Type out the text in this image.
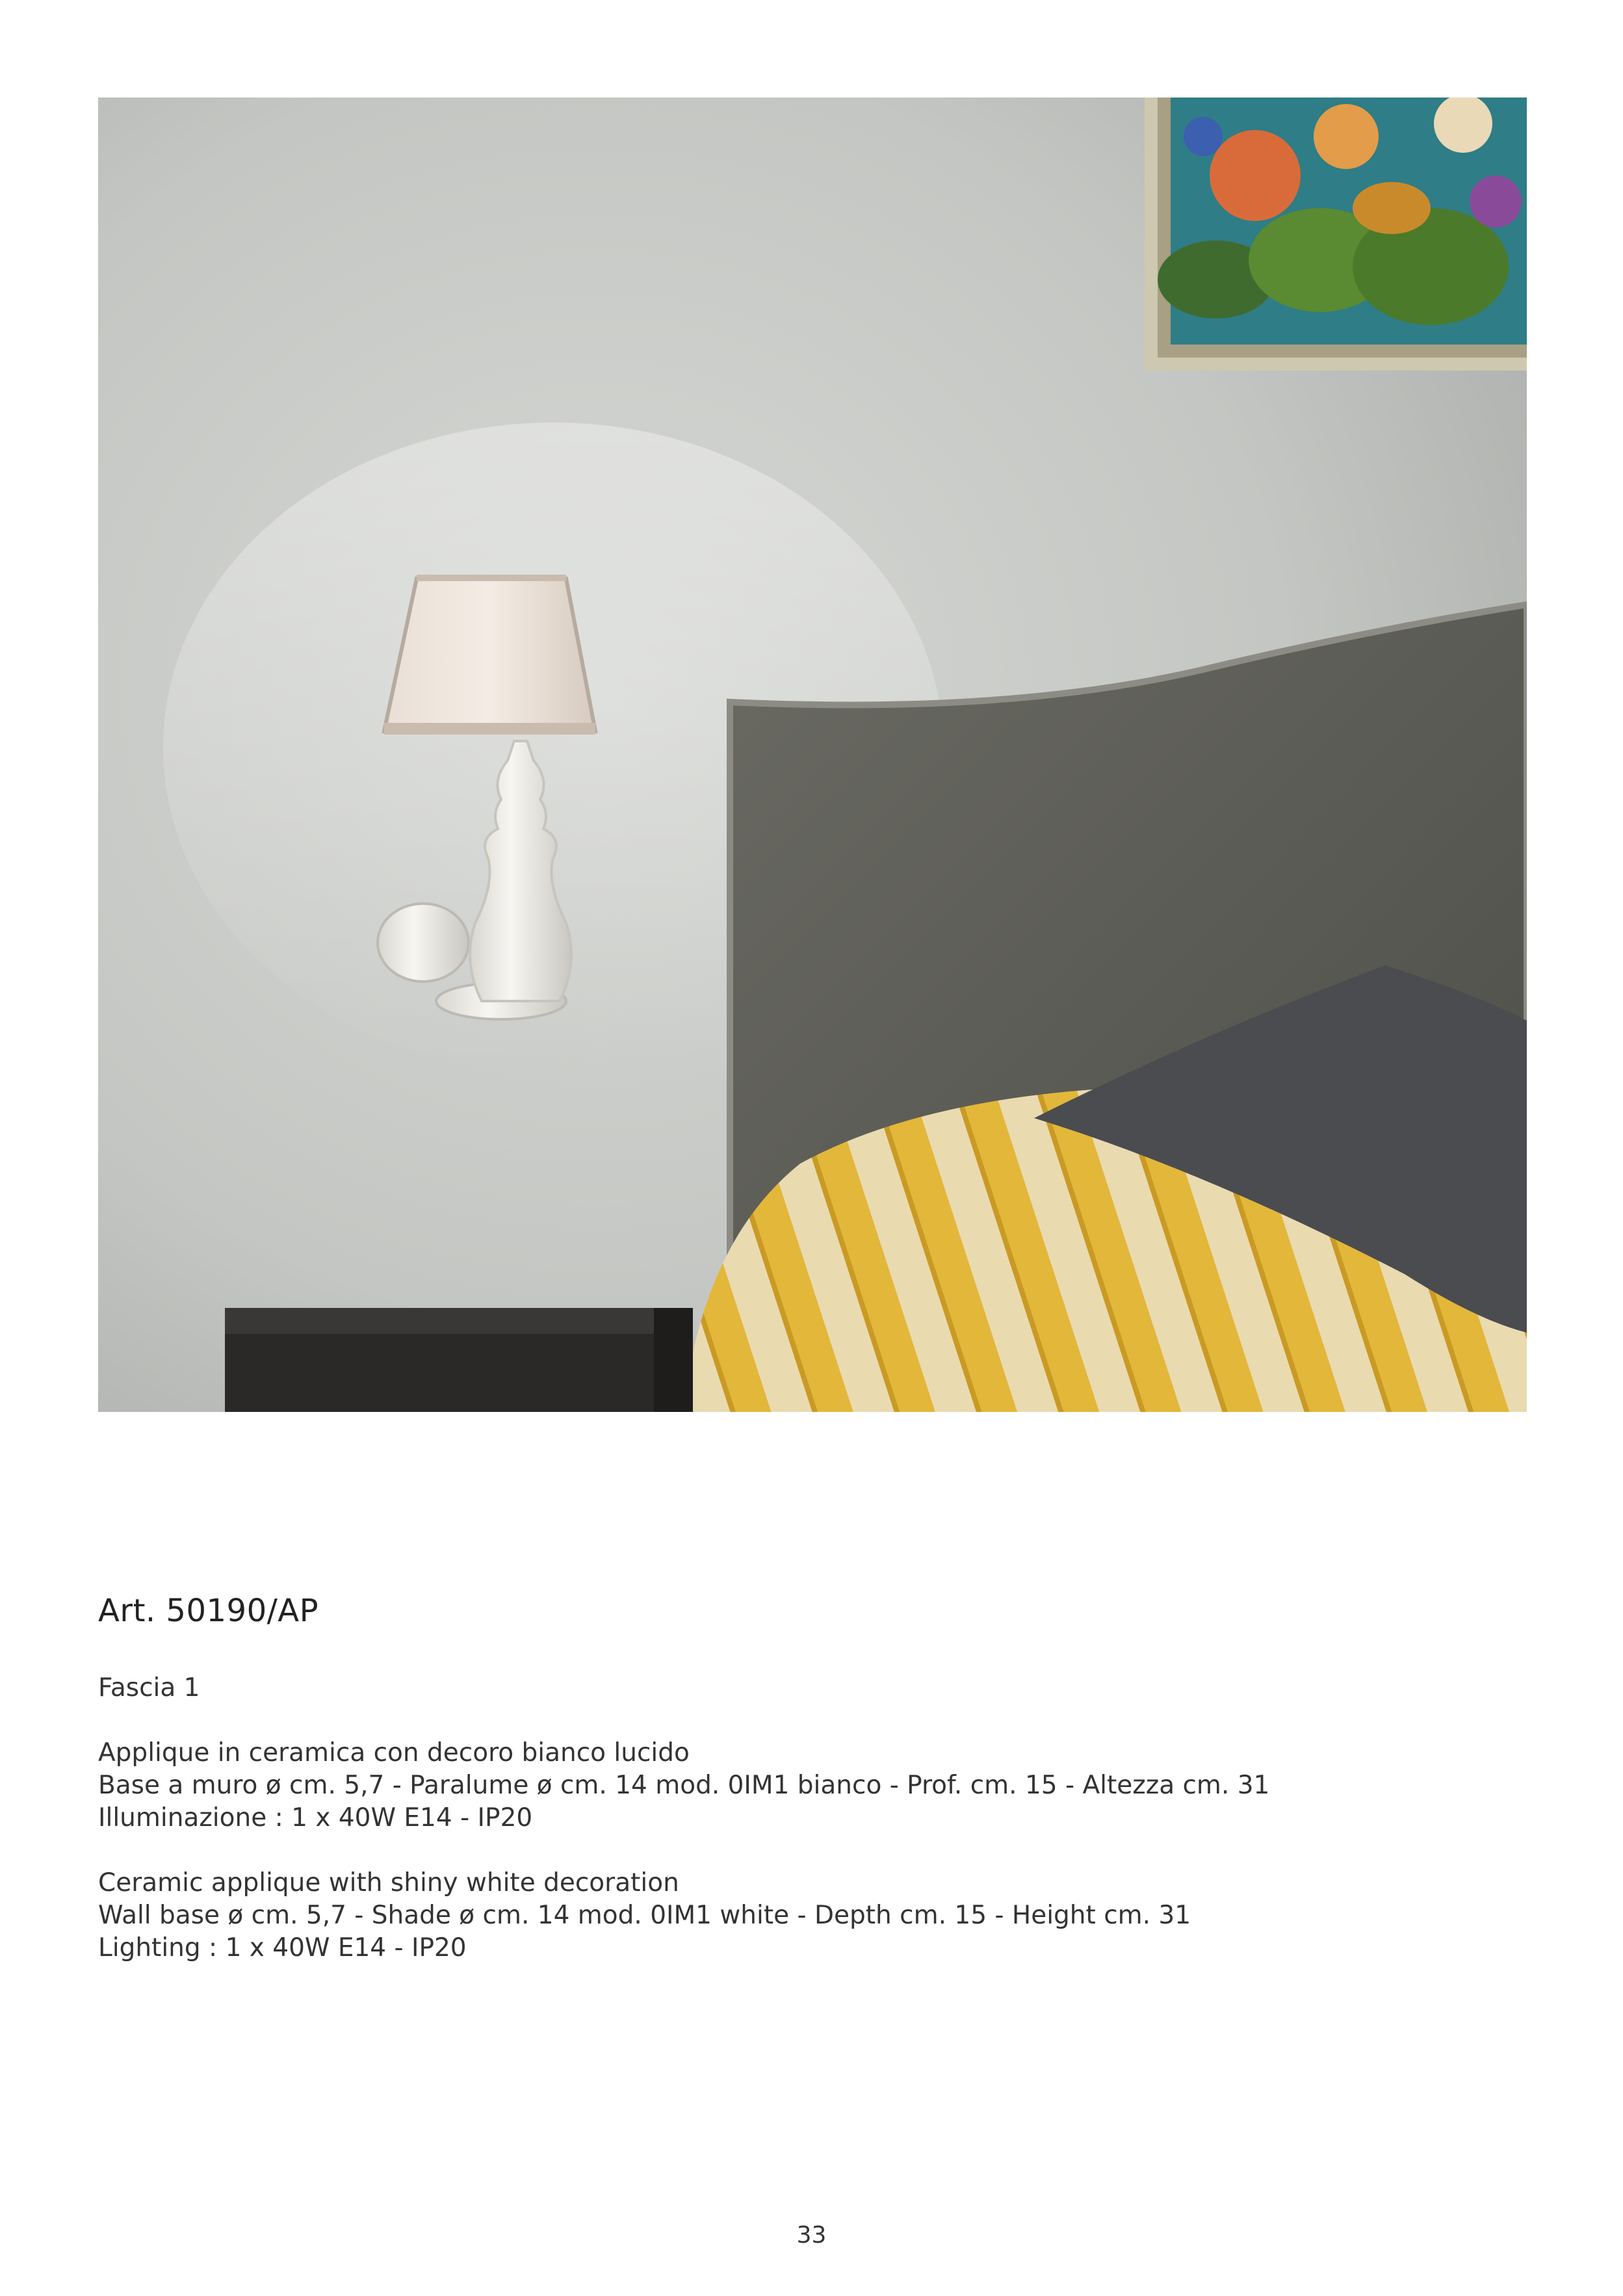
Art. 50190/AP
Fascia 1
Applique in ceramica con decoro bianco lucido
Base a muro ø cm. 5,7 - Paralume ø cm. 14 mod. 0IM1 bianco - Prof. cm. 15 - Altezza cm. 31
Illuminazione : 1 x 40W E14 - IP20
Ceramic applique with shiny white decoration
Wall base ø cm. 5,7 - Shade ø cm. 14 mod. 0IM1 white - Depth cm. 15 - Height cm. 31
Lighting : 1 x 40W E14 - IP20
33
